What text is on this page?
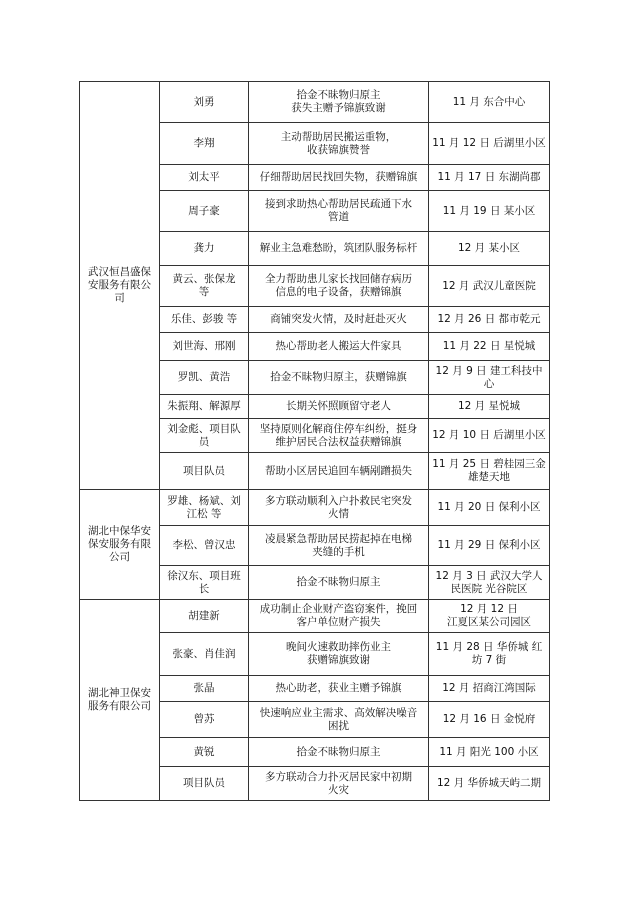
武汉恒昌盛保
安服务有限公
司	刘勇	拾金不昧物归原主
获失主赠予锦旗致谢	11 月 东合中心

	李翔	主动帮助居民搬运重物，
收获锦旗赞誉	11 月 12 日 后湖里小区

	刘太平	仔细帮助居民找回失物，获赠锦旗	11 月 17 日 东湖尚郡

	周子豪	接到求助热心帮助居民疏通下水
管道	11 月 19 日 某小区

	龚力	解业主急难愁盼，筑团队服务标杆	12 月 某小区

	黄云、张保龙
等	全力帮助患儿家长找回储存病历
信息的电子设备，获赠锦旗	12 月 武汉儿童医院

	乐佳、彭骏 等	商铺突发火情，及时赶赴灭火	12 月 26 日 都市乾元

	刘世海、邢刚	热心帮助老人搬运大件家具	11 月 22 日 星悦城

	罗凯、黄浩	拾金不昧物归原主，获赠锦旗	12 月 9 日 建工科技中
心

	朱振翔、解源厚	长期关怀照顾留守老人	12 月 星悦城

	刘金彪、项目队
员	坚持原则化解商住停车纠纷，挺身
维护居民合法权益获赠锦旗	12 月 10 日 后湖里小区

	项目队员	帮助小区居民追回车辆剐蹭损失	11 月 25 日 碧桂园三金
雄楚天地

湖北中保华安
保安服务有限
公司	罗雄、杨斌、刘
江松 等	多方联动顺利入户扑救民宅突发
火情	11 月 20 日 保利小区

	李松、曾汉忠	凌晨紧急帮助居民捞起掉在电梯
夹缝的手机	11 月 29 日 保利小区

	徐汉东、项目班
长	拾金不昧物归原主	12 月 3 日 武汉大学人
民医院 光谷院区

湖北神卫保安
服务有限公司	胡建新	成功制止企业财产盗窃案件，挽回
客户单位财产损失	12 月 12 日
江夏区某公司园区

	张豪、肖佳润	晚间火速救助摔伤业主
获赠锦旗致谢	11 月 28 日 华侨城 红
坊 7 街

	张晶	热心助老，获业主赠予锦旗	12 月 招商江湾国际

	曾苏	快速响应业主需求、高效解决噪音
困扰	12 月 16 日 金悦府

	黄锐	拾金不昧物归原主	11 月 阳光 100 小区

	项目队员	多方联动合力扑灭居民家中初期
火灾	12 月 华侨城天屿二期
